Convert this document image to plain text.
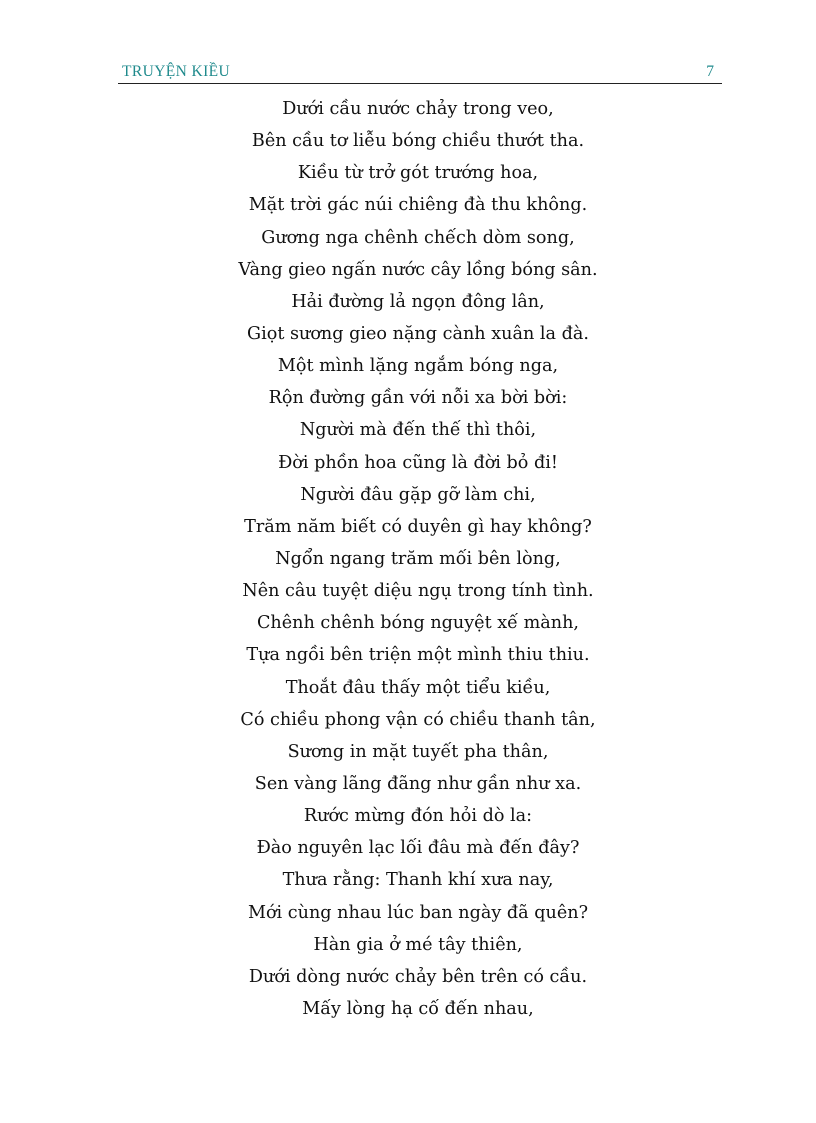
TRUYỆN KIỀU	7
Dưới cầu nước chảy trong veo,
Bên cầu tơ liễu bóng chiều thướt tha.
Kiều từ trở gót trướng hoa,
Mặt trời gác núi chiêng đà thu không.
Gương nga chênh chếch dòm song,
Vàng gieo ngấn nước cây lồng bóng sân.
Hải đường lả ngọn đông lân,
Giọt sương gieo nặng cành xuân la đà.
Một mình lặng ngắm bóng nga,
Rộn đường gần với nỗi xa bời bời:
Người mà đến thế thì thôi,
Đời phồn hoa cũng là đời bỏ đi!
Người đâu gặp gỡ làm chi,
Trăm năm biết có duyên gì hay không?
Ngổn ngang trăm mối bên lòng,
Nên câu tuyệt diệu ngụ trong tính tình.
Chênh chênh bóng nguyệt xế mành,
Tựa ngồi bên triện một mình thiu thiu.
Thoắt đâu thấy một tiểu kiều,
Có chiều phong vận có chiều thanh tân,
Sương in mặt tuyết pha thân,
Sen vàng lãng đãng như gần như xa.
Rước mừng đón hỏi dò la:
Đào nguyên lạc lối đâu mà đến đây?
Thưa rằng: Thanh khí xưa nay,
Mới cùng nhau lúc ban ngày đã quên?
Hàn gia ở mé tây thiên,
Dưới dòng nước chảy bên trên có cầu.
Mấy lòng hạ cố đến nhau,
